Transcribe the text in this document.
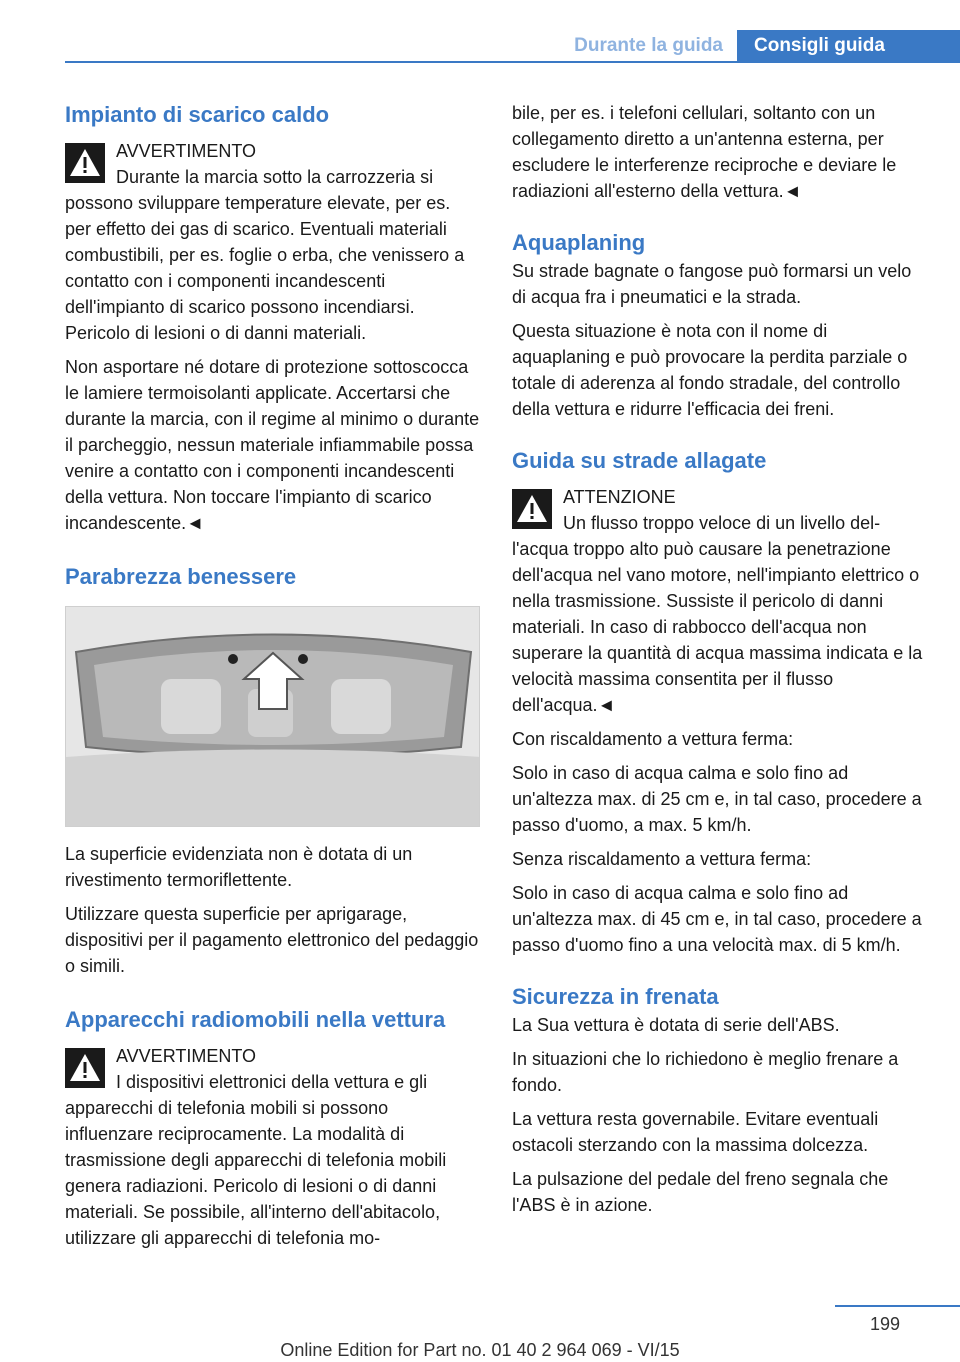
Durante la guida	Consigli guida
Impianto di scarico caldo

AVVERTIMENTO

Durante la marcia sotto la carrozzeria si

possono sviluppare temperature elevate, per es. per effetto dei gas di scarico. Eventuali materiali combustibili, per es. foglie o erba, che venissero a contatto con i componenti incandescenti dell'impianto di scarico possono incendiarsi. Pericolo di lesioni o di danni materiali.

Non asportare né dotare di protezione sottoscocca le lamiere termoisolanti applicate. Accertarsi che durante la marcia, con il regime al minimo o durante il parcheggio, nessun materiale infiammabile possa venire a contatto con i componenti incandescenti della vettura. Non toccare l'impianto di scarico incandescente.◄

Parabrezza benessere

La superficie evidenziata non è dotata di un rivestimento termoriflettente.

Utilizzare questa superficie per aprigarage, dispositivi per il pagamento elettronico del pedaggio o simili.

Apparecchi radiomobili nella vettura

AVVERTIMENTO

I dispositivi elettronici della vettura e gli

apparecchi di telefonia mobili si possono influenzare reciprocamente. La modalità di trasmissione degli apparecchi di telefonia mobili genera radiazioni. Pericolo di lesioni o di danni materiali. Se possibile, all'interno dell'abitacolo, utilizzare gli apparecchi di telefonia mo-

bile, per es. i telefoni cellulari, soltanto con un collegamento diretto a un'antenna esterna, per escludere le interferenze reciproche e deviare le radiazioni all'esterno della vettura.◄

Aquaplaning

Su strade bagnate o fangose può formarsi un velo di acqua fra i pneumatici e la strada.

Questa situazione è nota con il nome di aquaplaning e può provocare la perdita parziale o totale di aderenza al fondo stradale, del controllo della vettura e ridurre l'efficacia dei freni.

Guida su strade allagate

ATTENZIONE

Un flusso troppo veloce di un livello del-

l'acqua troppo alto può causare la penetrazione dell'acqua nel vano motore, nell'impianto elettrico o nella trasmissione. Sussiste il pericolo di danni materiali. In caso di rabbocco dell'acqua non superare la quantità di acqua massima indicata e la velocità massima consentita per il flusso dell'acqua.◄

Con riscaldamento a vettura ferma:

Solo in caso di acqua calma e solo fino ad un'altezza max. di 25 cm e, in tal caso, procedere a passo d'uomo, a max. 5 km/h.

Senza riscaldamento a vettura ferma:

Solo in caso di acqua calma e solo fino ad un'altezza max. di 45 cm e, in tal caso, procedere a passo d'uomo fino a una velocità max. di 5 km/h.

Sicurezza in frenata

La Sua vettura è dotata di serie dell'ABS.

In situazioni che lo richiedono è meglio frenare a fondo.

La vettura resta governabile. Evitare eventuali ostacoli sterzando con la massima dolcezza.

La pulsazione del pedale del freno segnala che l'ABS è in azione.

199
Online Edition for Part no. 01 40 2 964 069 - VI/15
